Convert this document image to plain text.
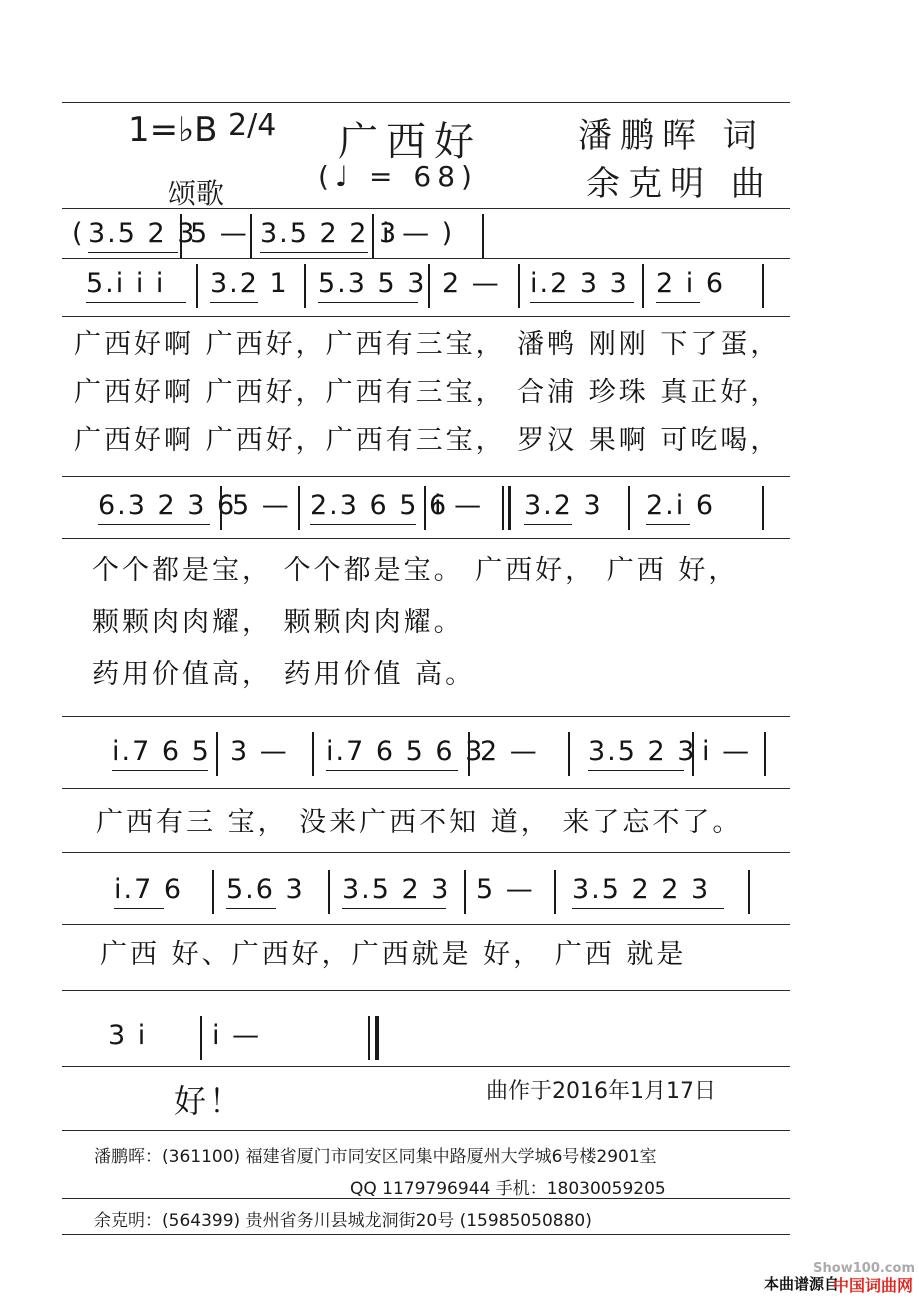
1=♭B 2/4 广西好
(♩ = 68)
潘鹏晖 词
余克明 曲
颂歌
( 3.5 2 3
5 — 3.5 2 2 3
i — )
5.i i i 3.2 1 5.3 5 3 2 — i.2 3 3 2 i 6
广西好啊 广西好，广西有三宝， 潘鸭 刚刚 下了蛋，
广西好啊 广西好，广西有三宝， 合浦 珍珠 真正好，
广西好啊 广西好，广西有三宝， 罗汉 果啊 可吃喝，
6.3 2 3 6
5 — 2.3 6 5 6
i — 3.2 3 2.i 6
个个都是宝， 个个都是宝。 广西好， 广西 好，
颗颗肉肉耀， 颗颗肉肉耀。
药用价值高， 药用价值 高。
i.7 6 5 3 — i.7 6 5 6 3
2 — 3.5 2 3 i —
广西有三 宝， 没来广西不知 道， 来了忘不了。
i.7 6 5.6 3 3.5 2 3 5 — 3.5 2 2 3
广西 好、广西好，广西就是 好， 广西 就是
3 i i —
好！	曲作于2016年1月17日
潘鹏晖：(361100) 福建省厦门市同安区同集中路厦州大学城6号楼2901室
QQ 1179796944 手机：18030059205
余克明：(564399) 贵州省务川县城龙洞街20号 (15985050880)
Show100.com
本曲谱源自
中国词曲网
